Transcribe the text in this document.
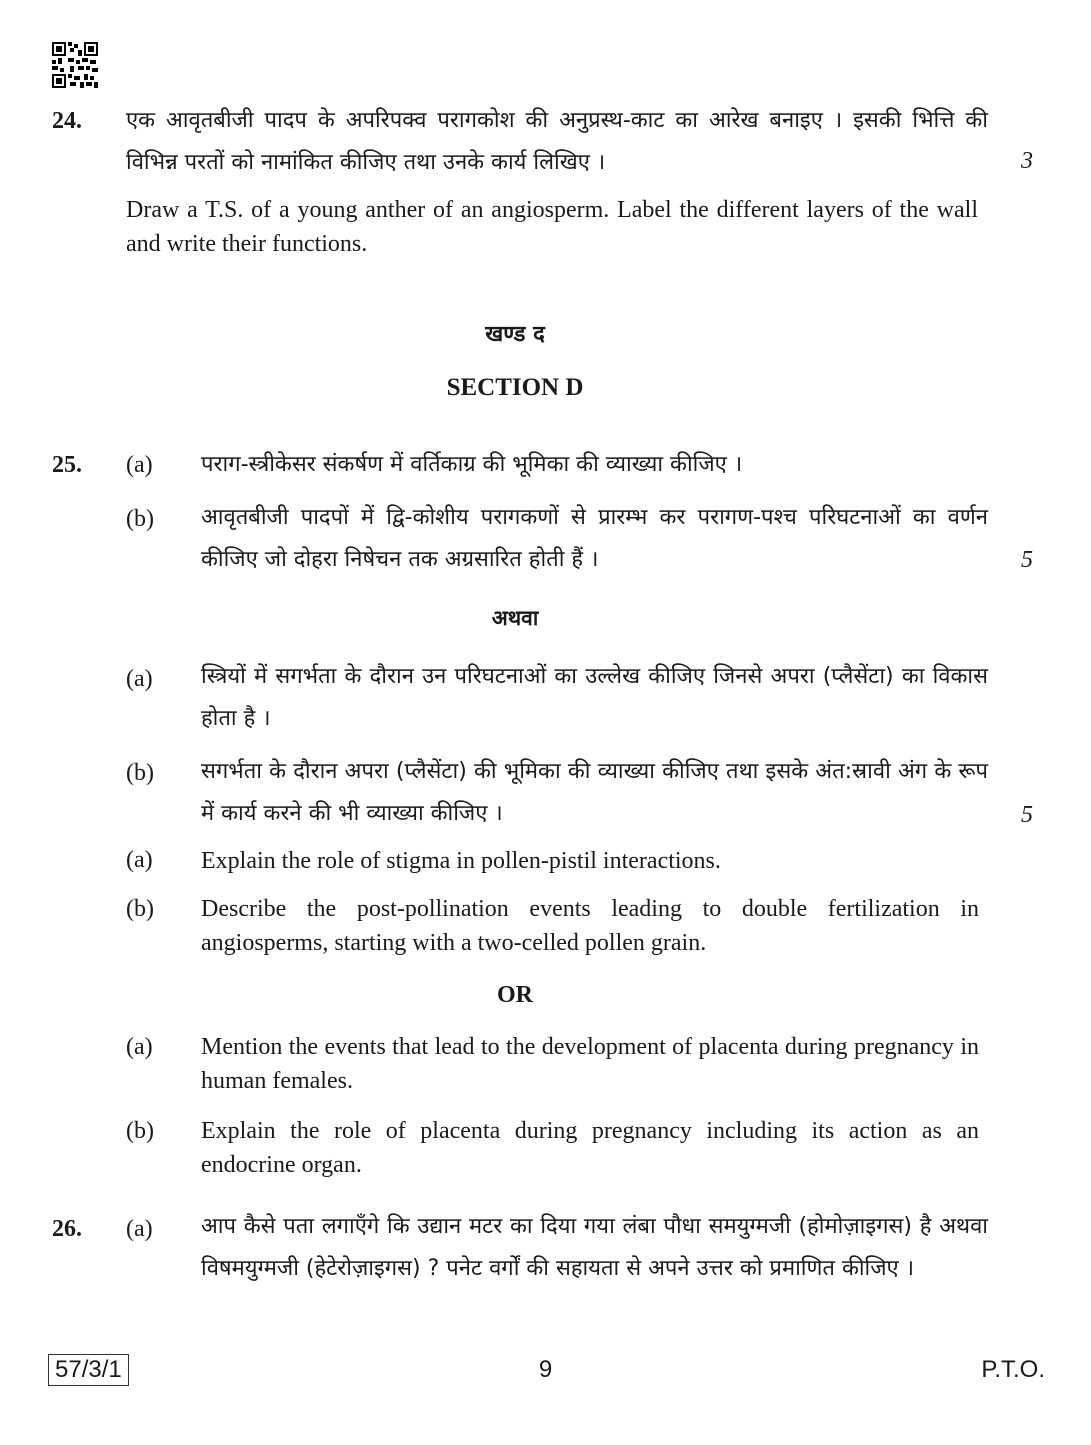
24. एक आवृतबीजी पादप के अपरिपक्व परागकोश की अनुप्रस्थ-काट का आरेख बनाइए । इसकी भित्ति की विभिन्न परतों को नामांकित कीजिए तथा उनके कार्य लिखिए ।	3
Draw a T.S. of a young anther of an angiosperm. Label the different layers of the wall and write their functions.
खण्ड द
SECTION D
25. (a) पराग-स्त्रीकेसर संकर्षण में वर्तिकाग्र की भूमिका की व्याख्या कीजिए ।
(b) आवृतबीजी पादपों में द्वि-कोशीय परागकणों से प्रारम्भ कर परागण-पश्च परिघटनाओं का वर्णन कीजिए जो दोहरा निषेचन तक अग्रसारित होती हैं ।	5
अथवा
(a) स्त्रियों में सगर्भता के दौरान उन परिघटनाओं का उल्लेख कीजिए जिनसे अपरा (प्लैसेंटा) का विकास होता है ।
(b) सगर्भता के दौरान अपरा (प्लैसेंटा) की भूमिका की व्याख्या कीजिए तथा इसके अंत:स्रावी अंग के रूप में कार्य करने की भी व्याख्या कीजिए ।	5
(a) Explain the role of stigma in pollen-pistil interactions.
(b) Describe the post-pollination events leading to double fertilization in angiosperms, starting with a two-celled pollen grain.
OR
(a) Mention the events that lead to the development of placenta during pregnancy in human females.
(b) Explain the role of placenta during pregnancy including its action as an endocrine organ.
26. (a) आप कैसे पता लगाएँगे कि उद्यान मटर का दिया गया लंबा पौधा समयुग्मजी (होमोज़ाइगस) है अथवा विषमयुग्मजी (हेटेरोज़ाइगस) ? पनेट वर्गों की सहायता से अपने उत्तर को प्रमाणित कीजिए ।
57/3/1	9	P.T.O.
